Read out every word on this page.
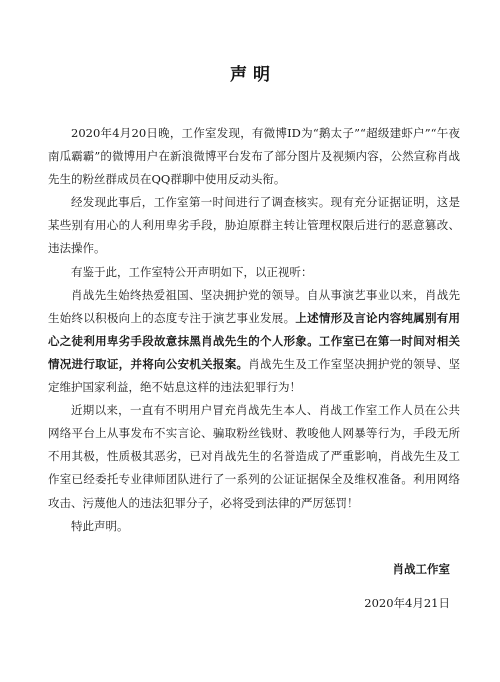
声 明

2020年4月20日晚，工作室发现，有微博ID为“鹅太子”“超级建虾户”“午夜南瓜霸霸”的微博用户在新浪微博平台发布了部分图片及视频内容，公然宣称肖战先生的粉丝群成员在QQ群聊中使用反动头衔。

经发现此事后，工作室第一时间进行了调查核实。现有充分证据证明，这是某些别有用心的人利用卑劣手段，胁迫原群主转让管理权限后进行的恶意篡改、违法操作。

有鉴于此，工作室特公开声明如下，以正视听：

肖战先生始终热爱祖国、坚决拥护党的领导。自从事演艺事业以来，肖战先生始终以积极向上的态度专注于演艺事业发展。上述情形及言论内容纯属别有用心之徒利用卑劣手段故意抹黑肖战先生的个人形象。工作室已在第一时间对相关情况进行取证，并将向公安机关报案。肖战先生及工作室坚决拥护党的领导、坚定维护国家利益，绝不姑息这样的违法犯罪行为！

近期以来，一直有不明用户冒充肖战先生本人、肖战工作室工作人员在公共网络平台上从事发布不实言论、骗取粉丝钱财、教唆他人网暴等行为，手段无所不用其极，性质极其恶劣，已对肖战先生的名誉造成了严重影响，肖战先生及工作室已经委托专业律师团队进行了一系列的公证证据保全及维权准备。利用网络攻击、污蔑他人的违法犯罪分子，必将受到法律的严厉惩罚！

特此声明。

肖战工作室
2020年4月21日
